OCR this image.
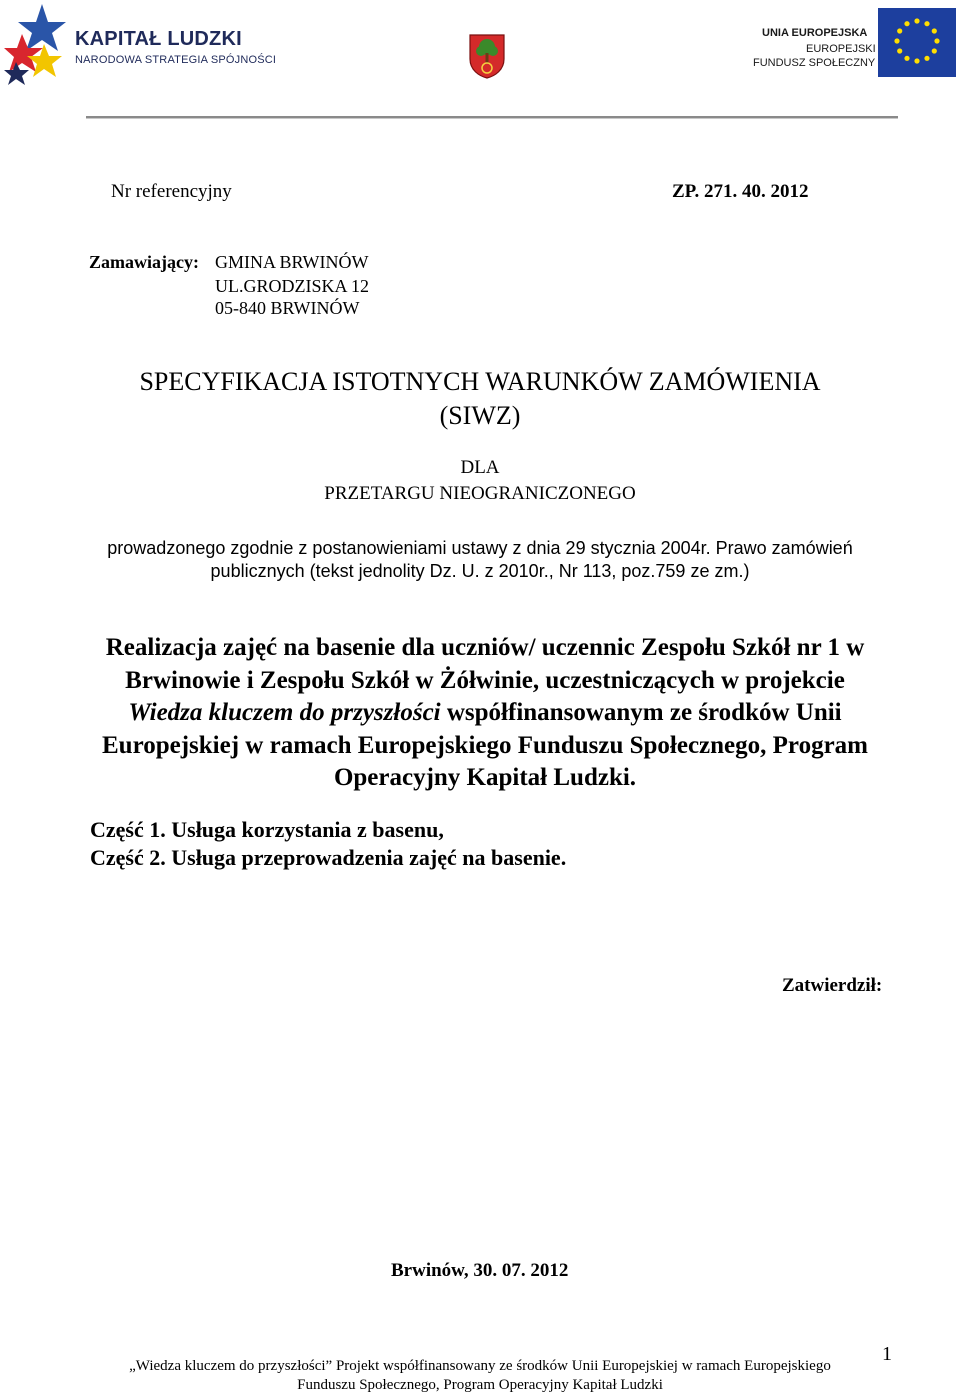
KAPITAŁ LUDZKI
NARODOWA STRATEGIA SPÓJNOŚCI
UNIA EUROPEJSKA
EUROPEJSKI
FUNDUSZ SPOŁECZNY
Nr referencyjny	ZP. 271. 40. 2012
Zamawiający: GMINA BRWINÓW
UL.GRODZISKA 12
05-840 BRWINÓW
SPECYFIKACJA ISTOTNYCH WARUNKÓW ZAMÓWIENIA
(SIWZ)
DLA
PRZETARGU NIEOGRANICZONEGO
prowadzonego zgodnie z postanowieniami ustawy z dnia 29 stycznia 2004r. Prawo zamówień
publicznych (tekst jednolity Dz. U. z 2010r., Nr 113, poz.759 ze zm.)
Realizacja zajęć na basenie dla uczniów/ uczennic Zespołu Szkół nr 1 w Brwinowie i Zespołu Szkół w Żółwinie, uczestniczących w projekcie Wiedza kluczem do przyszłości współfinansowanym ze środków Unii Europejskiej w ramach Europejskiego Funduszu Społecznego, Program Operacyjny Kapitał Ludzki.
Część 1. Usługa korzystania z basenu,
Część 2. Usługa przeprowadzenia zajęć na basenie.
Zatwierdził:
Brwinów, 30. 07. 2012
1
„Wiedza kluczem do przyszłości” Projekt współfinansowany ze środków Unii Europejskiej w ramach Europejskiego
Funduszu Społecznego, Program Operacyjny Kapitał Ludzki
